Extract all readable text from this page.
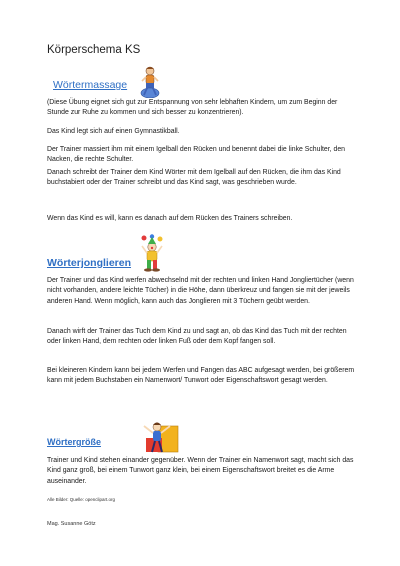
Körperschema KS
Wörtermassage

(Diese Übung eignet sich gut zur Entspannung von sehr lebhaften Kindern, um zum Beginn der Stunde zur Ruhe zu kommen und sich besser zu konzentrieren).

Das Kind legt sich auf einen Gymnastikball.

Der Trainer massiert ihm mit einem Igelball den Rücken und benennt dabei die linke Schulter, den Nacken, die rechte Schulter.

Danach schreibt der Trainer dem Kind Wörter mit dem Igelball auf den Rücken, die ihm das Kind buchstabiert oder der Trainer schreibt und das Kind sagt, was geschrieben wurde.

Wenn das Kind es will, kann es danach auf dem Rücken des Trainers schreiben.

Wörterjonglieren

Der Trainer und das Kind werfen abwechselnd mit der rechten und linken Hand Jongliertücher (wenn nicht vorhanden, andere leichte Tücher) in die Höhe, dann überkreuz und fangen sie mit der jeweils anderen Hand. Wenn möglich, kann auch das Jonglieren mit 3 Tüchern geübt werden.

Danach wirft der Trainer das Tuch dem Kind zu und sagt an, ob das Kind das Tuch mit der rechten oder linken Hand, dem rechten oder linken Fuß oder dem Kopf fangen soll.

Bei kleineren Kindern kann bei jedem Werfen und Fangen das ABC aufgesagt werden, bei größerem kann mit jedem Buchstaben ein Namenwort/ Tunwort oder Eigenschaftswort gesagt werden.

Wörtergröße

Trainer und Kind stehen einander gegenüber. Wenn der Trainer ein Namenwort sagt, macht sich das Kind ganz groß, bei einem Tunwort ganz klein, bei einem Eigenschaftswort breitet es die Arme auseinander.

Alle Bilder: Quelle: openclipart.org
Mag. Susanne Götz
